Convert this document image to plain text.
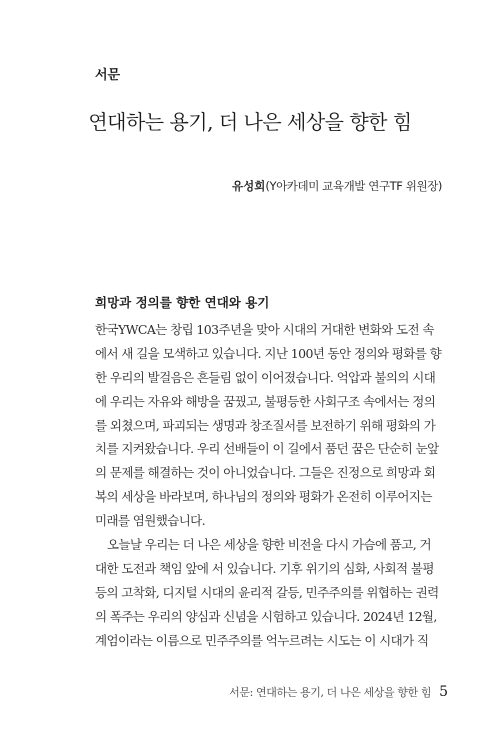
서문
연대하는 용기, 더 나은 세상을 향한 힘
유성희(Y아카데미 교육개발 연구TF 위원장)
희망과 정의를 향한 연대와 용기
한국YWCA는 창립 103주년을 맞아 시대의 거대한 변화와 도전 속
에서 새 길을 모색하고 있습니다. 지난 100년 동안 정의와 평화를 향
한 우리의 발걸음은 흔들림 없이 이어졌습니다. 억압과 불의의 시대
에 우리는 자유와 해방을 꿈꿨고, 불평등한 사회구조 속에서는 정의
를 외쳤으며, 파괴되는 생명과 창조질서를 보전하기 위해 평화의 가
치를 지켜왔습니다. 우리 선배들이 이 길에서 품던 꿈은 단순히 눈앞
의 문제를 해결하는 것이 아니었습니다. 그들은 진정으로 희망과 회
복의 세상을 바라보며, 하나님의 정의와 평화가 온전히 이루어지는
미래를 염원했습니다.
오늘날 우리는 더 나은 세상을 향한 비전을 다시 가슴에 품고, 거
대한 도전과 책임 앞에 서 있습니다. 기후 위기의 심화, 사회적 불평
등의 고착화, 디지털 시대의 윤리적 갈등, 민주주의를 위협하는 권력
의 폭주는 우리의 양심과 신념을 시험하고 있습니다. 2024년 12월,
계엄이라는 이름으로 민주주의를 억누르려는 시도는 이 시대가 직
서문: 연대하는 용기, 더 나은 세상을 향한 힘 5
